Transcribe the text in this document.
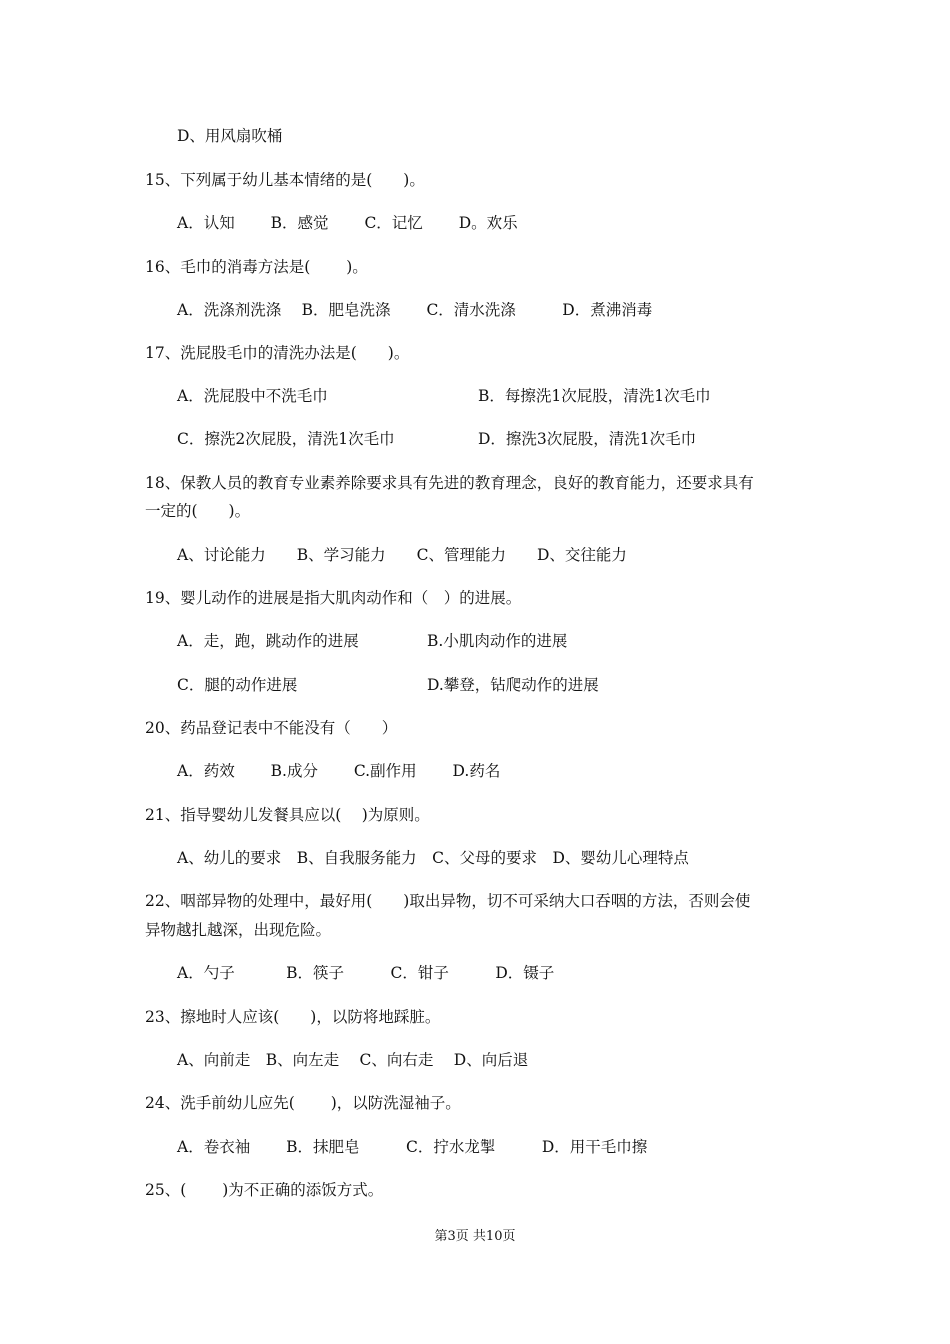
D、用风扇吹桶
15、下列属于幼儿基本情绪的是(　　)。
A．认知　　 B．感觉　　 C．记忆　　 D。欢乐
16、毛巾的消毒方法是(　　 )。
A．洗涤剂洗涤　 B．肥皂洗涤　　 C．清水洗涤　　　D．煮沸消毒
17、洗屁股毛巾的清洗办法是(　　)。
A．洗屁股中不洗毛巾	B．每擦洗1次屁股，清洗1次毛巾
C．擦洗2次屁股，清洗1次毛巾	D．擦洗3次屁股，清洗1次毛巾
18、保教人员的教育专业素养除要求具有先进的教育理念，良好的教育能力，还要求具有
一定的(　　)。
A、讨论能力　　B、学习能力　　C、管理能力　　D、交往能力
19、婴儿动作的进展是指大肌肉动作和（　）的进展。
A．走，跑，跳动作的进展	B.小肌肉动作的进展
C．腿的动作进展	D.攀登，钻爬动作的进展
20、药品登记表中不能没有（　　）
A．药效　　 B.成分　　 C.副作用　　 D.药名
21、指导婴幼儿发餐具应以(　 )为原则。
A、幼儿的要求　B、自我服务能力　C、父母的要求　D、婴幼儿心理特点
22、咽部异物的处理中，最好用(　　)取出异物，切不可采纳大口吞咽的方法，否则会使
异物越扎越深，出现危险。
A．勺子　　　 B．筷子　　　C．钳子　　　D．镊子
23、擦地时人应该(　　)，以防将地踩脏。
A、向前走　B、向左走　 C、向右走　 D、向后退
24、洗手前幼儿应先(　　 )，以防洗湿袖子。
A．卷衣袖　　 B．抹肥皂　　　C．拧水龙掣　　　D．用干毛巾擦
25、(　　 )为不正确的添饭方式。
第3页 共10页
